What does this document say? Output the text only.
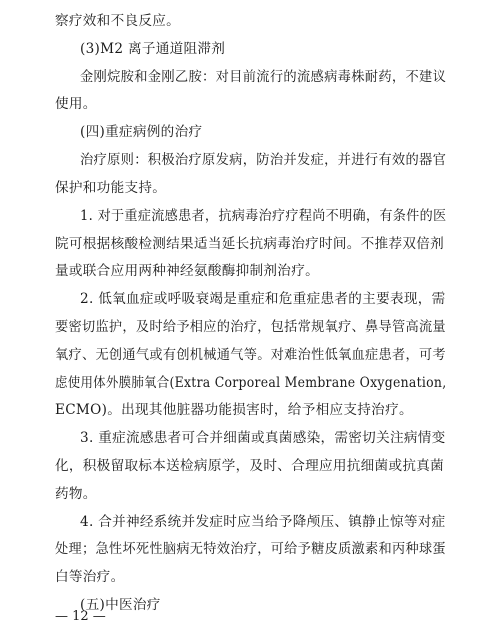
察疗效和不良反应。
(3)M2 离子通道阻滞剂
金刚烷胺和金刚乙胺：对目前流行的流感病毒株耐药，不建议
使用。
(四)重症病例的治疗
治疗原则：积极治疗原发病，防治并发症，并进行有效的器官
保护和功能支持。
1. 对于重症流感患者，抗病毒治疗疗程尚不明确，有条件的医
院可根据核酸检测结果适当延长抗病毒治疗时间。不推荐双倍剂
量或联合应用两种神经氨酸酶抑制剂治疗。
2. 低氧血症或呼吸衰竭是重症和危重症患者的主要表现，需
要密切监护，及时给予相应的治疗，包括常规氧疗、鼻导管高流量
氧疗、无创通气或有创机械通气等。对难治性低氧血症患者，可考
虑使用体外膜肺氧合(Extra Corporeal Membrane Oxygenation,
ECMO)。出现其他脏器功能损害时，给予相应支持治疗。
3. 重症流感患者可合并细菌或真菌感染，需密切关注病情变
化，积极留取标本送检病原学，及时、合理应用抗细菌或抗真菌
药物。
4. 合并神经系统并发症时应当给予降颅压、镇静止惊等对症
处理；急性坏死性脑病无特效治疗，可给予糖皮质激素和丙种球蛋
白等治疗。
(五)中医治疗
— 12 —
